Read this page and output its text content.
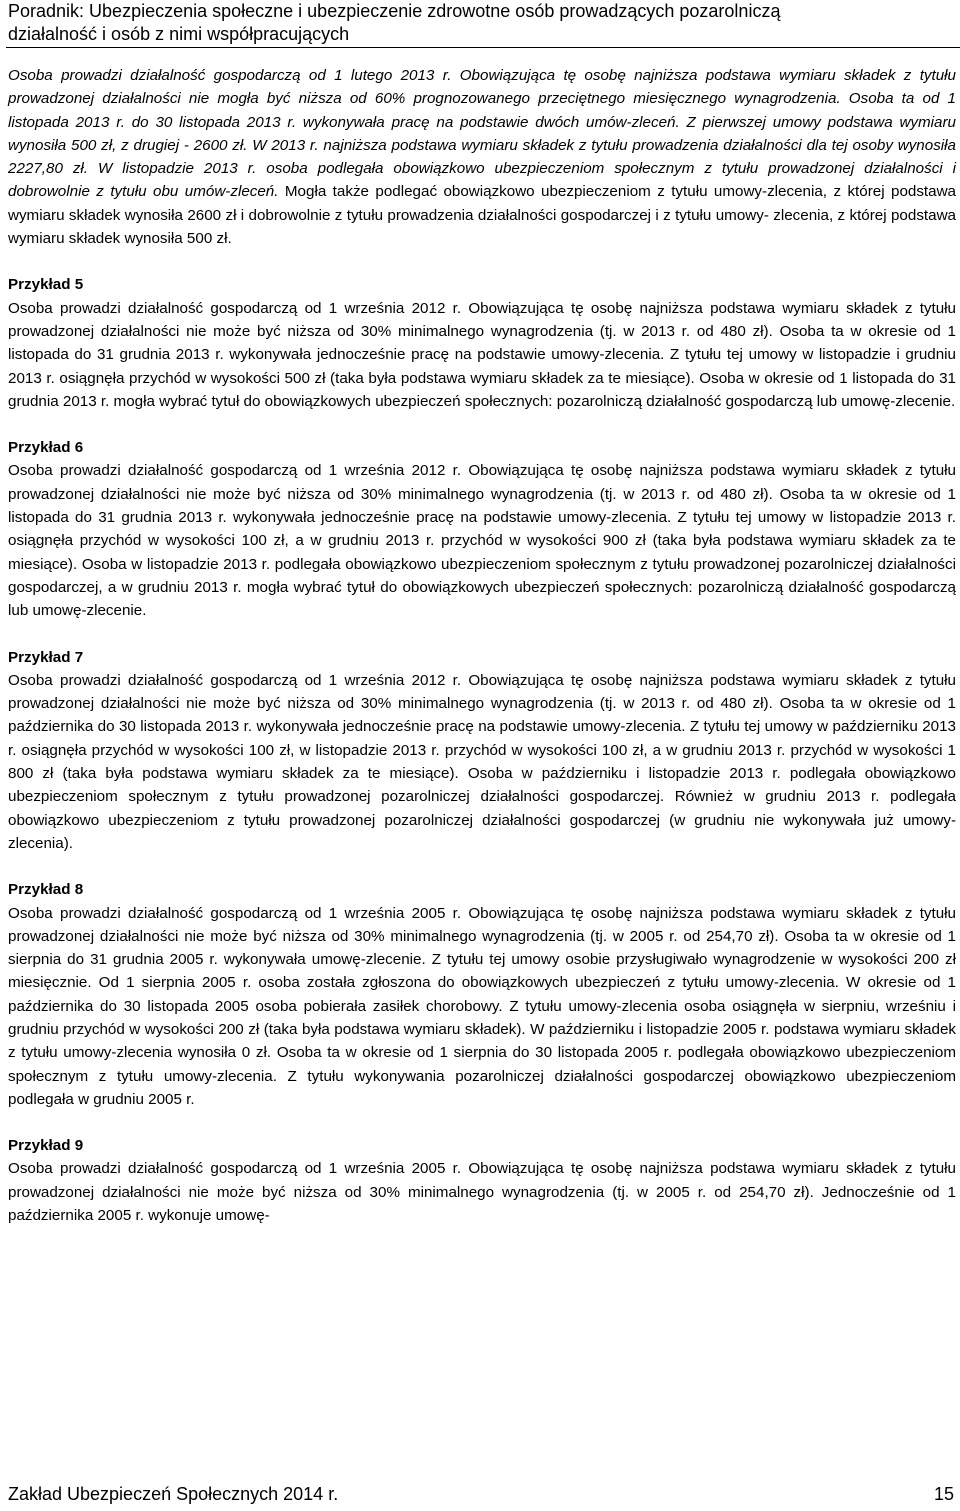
Poradnik: Ubezpieczenia społeczne i ubezpieczenie zdrowotne osób prowadzących pozarolniczą
działalność i osób z nimi współpracujących

Osoba prowadzi działalność gospodarczą od 1 lutego 2013 r. Obowiązująca tę osobę najniższa podstawa wymiaru składek z tytułu prowadzonej działalności nie mogła być niższa od 60% prognozowanego przeciętnego miesięcznego wynagrodzenia. Osoba ta od 1 listopada 2013 r. do 30 listopada 2013 r. wykonywała pracę na podstawie dwóch umów-zleceń. Z pierwszej umowy podstawa wymiaru wynosiła 500 zł, z drugiej - 2600 zł. W 2013 r. najniższa podstawa wymiaru składek z tytułu prowadzenia działalności dla tej osoby wynosiła 2227,80 zł. W listopadzie 2013 r. osoba podlegała obowiązkowo ubezpieczeniom społecznym z tytułu prowadzonej działalności i dobrowolnie z tytułu obu umów-zleceń. Mogła także podlegać obowiązkowo ubezpieczeniom z tytułu umowy-zlecenia, z której podstawa wymiaru składek wynosiła 2600 zł i dobrowolnie z tytułu prowadzenia działalności gospodarczej i z tytułu umowy- zlecenia, z której podstawa wymiaru składek wynosiła 500 zł.

Przykład 5

Osoba prowadzi działalność gospodarczą od 1 września 2012 r. Obowiązująca tę osobę najniższa podstawa wymiaru składek z tytułu prowadzonej działalności nie może być niższa od 30% minimalnego wynagrodzenia (tj. w 2013 r. od 480 zł). Osoba ta w okresie od 1 listopada do 31 grudnia 2013 r. wykonywała jednocześnie pracę na podstawie umowy-zlecenia. Z tytułu tej umowy w listopadzie i grudniu 2013 r. osiągnęła przychód w wysokości 500 zł (taka była podstawa wymiaru składek za te miesiące). Osoba w okresie od 1 listopada do 31 grudnia 2013 r. mogła wybrać tytuł do obowiązkowych ubezpieczeń społecznych: pozarolniczą działalność gospodarczą lub umowę-zlecenie.

Przykład 6

Osoba prowadzi działalność gospodarczą od 1 września 2012 r. Obowiązująca tę osobę najniższa podstawa wymiaru składek z tytułu prowadzonej działalności nie może być niższa od 30% minimalnego wynagrodzenia (tj. w 2013 r. od 480 zł). Osoba ta w okresie od 1 listopada do 31 grudnia 2013 r. wykonywała jednocześnie pracę na podstawie umowy-zlecenia. Z tytułu tej umowy w listopadzie 2013 r. osiągnęła przychód w wysokości 100 zł, a w grudniu 2013 r. przychód w wysokości 900 zł (taka była podstawa wymiaru składek za te miesiące). Osoba w listopadzie 2013 r. podlegała obowiązkowo ubezpieczeniom społecznym z tytułu prowadzonej pozarolniczej działalności gospodarczej, a w grudniu 2013 r. mogła wybrać tytuł do obowiązkowych ubezpieczeń społecznych: pozarolniczą działalność gospodarczą lub umowę-zlecenie.

Przykład 7

Osoba prowadzi działalność gospodarczą od 1 września 2012 r. Obowiązująca tę osobę najniższa podstawa wymiaru składek z tytułu prowadzonej działalności nie może być niższa od 30% minimalnego wynagrodzenia (tj. w 2013 r. od 480 zł). Osoba ta w okresie od 1 października do 30 listopada 2013 r. wykonywała jednocześnie pracę na podstawie umowy-zlecenia. Z tytułu tej umowy w październiku 2013 r. osiągnęła przychód w wysokości 100 zł, w listopadzie 2013 r. przychód w wysokości 100 zł, a w grudniu 2013 r. przychód w wysokości 1 800 zł (taka była podstawa wymiaru składek za te miesiące). Osoba w październiku i listopadzie 2013 r. podlegała obowiązkowo ubezpieczeniom społecznym z tytułu prowadzonej pozarolniczej działalności gospodarczej. Również w grudniu 2013 r. podlegała obowiązkowo ubezpieczeniom z tytułu prowadzonej pozarolniczej działalności gospodarczej (w grudniu nie wykonywała już umowy-zlecenia).

Przykład 8

Osoba prowadzi działalność gospodarczą od 1 września 2005 r. Obowiązująca tę osobę najniższa podstawa wymiaru składek z tytułu prowadzonej działalności nie może być niższa od 30% minimalnego wynagrodzenia (tj. w 2005 r. od 254,70 zł). Osoba ta w okresie od 1 sierpnia do 31 grudnia 2005 r. wykonywała umowę-zlecenie. Z tytułu tej umowy osobie przysługiwało wynagrodzenie w wysokości 200 zł miesięcznie. Od 1 sierpnia 2005 r. osoba została zgłoszona do obowiązkowych ubezpieczeń z tytułu umowy-zlecenia. W okresie od 1 października do 30 listopada 2005 osoba pobierała zasiłek chorobowy. Z tytułu umowy-zlecenia osoba osiągnęła w sierpniu, wrześniu i grudniu przychód w wysokości 200 zł (taka była podstawa wymiaru składek). W październiku i listopadzie 2005 r. podstawa wymiaru składek z tytułu umowy-zlecenia wynosiła 0 zł. Osoba ta w okresie od 1 sierpnia do 30 listopada 2005 r. podlegała obowiązkowo ubezpieczeniom społecznym z tytułu umowy-zlecenia. Z tytułu wykonywania pozarolniczej działalności gospodarczej obowiązkowo ubezpieczeniom podlegała w grudniu 2005 r.

Przykład 9

Osoba prowadzi działalność gospodarczą od 1 września 2005 r. Obowiązująca tę osobę najniższa podstawa wymiaru składek z tytułu prowadzonej działalności nie może być niższa od 30% minimalnego wynagrodzenia (tj. w 2005 r. od 254,70 zł). Jednocześnie od 1 października 2005 r. wykonuje umowę-

Zakład Ubezpieczeń Społecznych 2014 r.	15
